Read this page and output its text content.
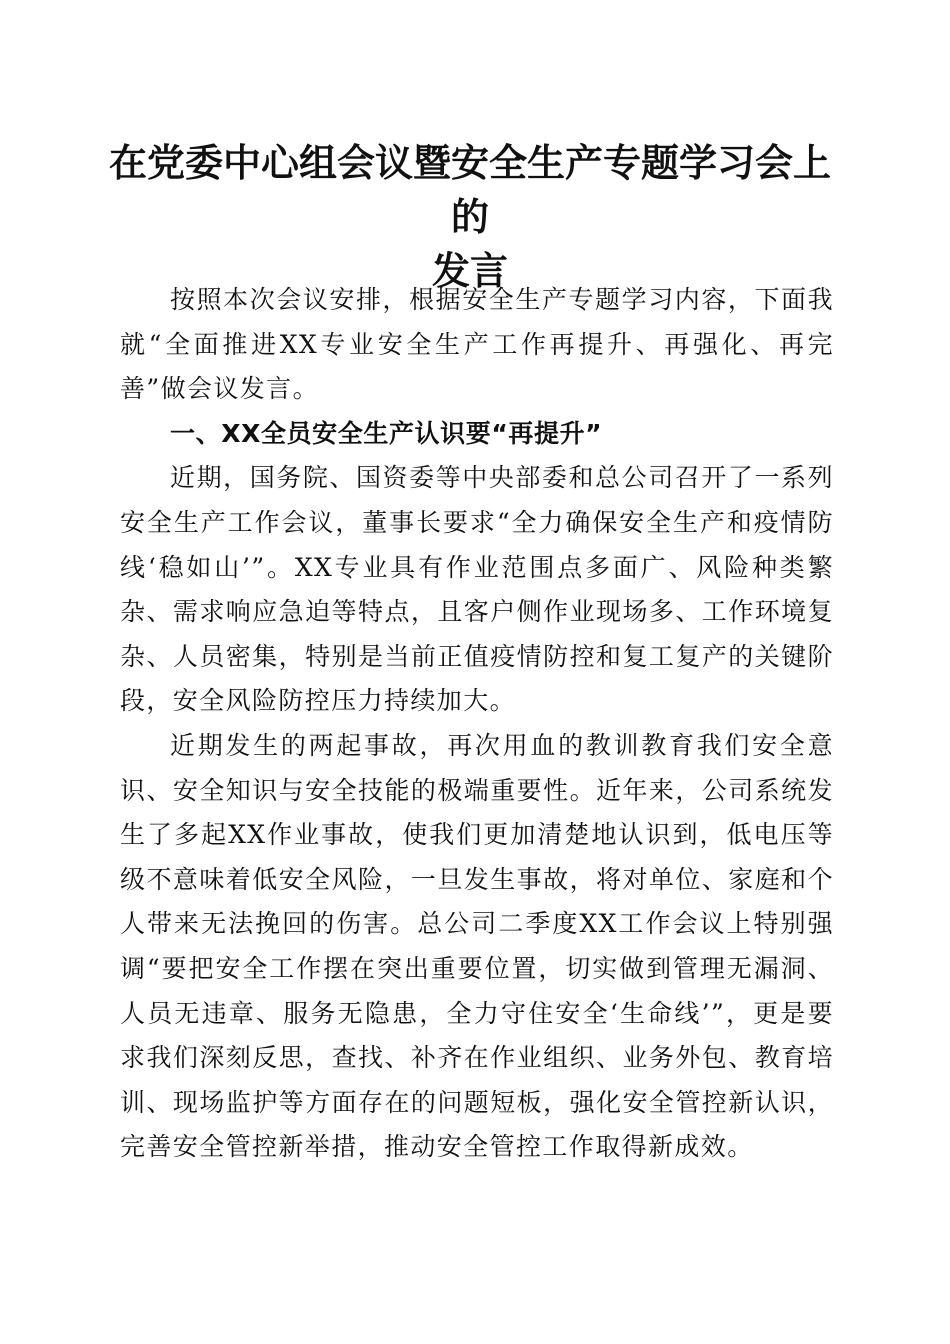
在党委中心组会议暨安全生产专题学习会上的
发言

按照本次会议安排，根据安全生产专题学习内容，下面我就“全面推进XX专业安全生产工作再提升、再强化、再完善”做会议发言。

一、XX全员安全生产认识要“再提升”

近期，国务院、国资委等中央部委和总公司召开了一系列安全生产工作会议，董事长要求“全力确保安全生产和疫情防线‘稳如山’”。XX专业具有作业范围点多面广、风险种类繁杂、需求响应急迫等特点，且客户侧作业现场多、工作环境复杂、人员密集，特别是当前正值疫情防控和复工复产的关键阶段，安全风险防控压力持续加大。

近期发生的两起事故，再次用血的教训教育我们安全意识、安全知识与安全技能的极端重要性。近年来，公司系统发生了多起XX作业事故，使我们更加清楚地认识到，低电压等级不意味着低安全风险，一旦发生事故，将对单位、家庭和个人带来无法挽回的伤害。总公司二季度XX工作会议上特别强调“要把安全工作摆在突出重要位置，切实做到管理无漏洞、人员无违章、服务无隐患，全力守住安全‘生命线’”，更是要求我们深刻反思，查找、补齐在作业组织、业务外包、教育培训、现场监护等方面存在的问题短板，强化安全管控新认识，完善安全管控新举措，推动安全管控工作取得新成效。
